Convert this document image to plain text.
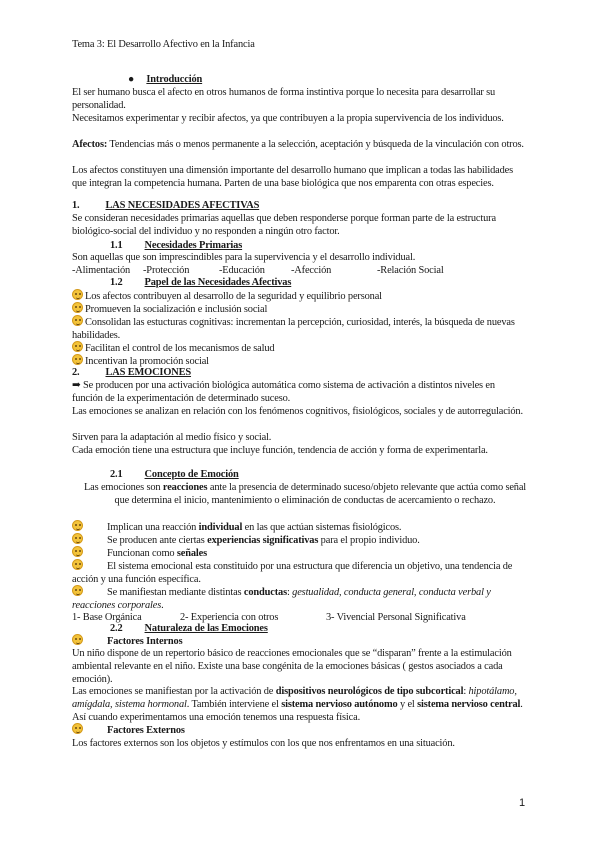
Tema 3: El Desarrollo Afectivo en la Infancia
● Introducción
El ser humano busca el afecto en otros humanos de forma instintiva porque lo necesita para desarrollar su personalidad.
Necesitamos experimentar y recibir afectos, ya que contribuyen a la propia supervivencia de los individuos.
Afectos: Tendencias más o menos permanente a la selección, aceptación y búsqueda de la vinculación con otros.
Los afectos constituyen una dimensión importante del desarrollo humano que implican a todas las habilidades que integran la competencia humana. Parten de una base biológica que nos emparenta con otras especies.
1.	LAS NECESIDADES AFECTIVAS
Se consideran necesidades primarias aquellas que deben responderse porque forman parte de la estructura biológico-social del individuo y no responden a ningún otro factor.
1.1 Necesidades Primarias
Son aquellas que son imprescindibles para la supervivencia y el desarrollo individual.
-Alimentación -Protección	-Educación	-Afección	-Relación Social
1.2 Papel de las Necesidades Afectivas
Los afectos contribuyen al desarrollo de la seguridad y equilibrio personal
Promueven la socialización e inclusión social
Consolidan las estucturas cognitivas: incrementan la percepción, curiosidad, interés, la búsqueda de nuevas habilidades.
Facilitan el control de los mecanismos de salud
Incentivan la promoción social
2.	LAS EMOCIONES
➡ Se producen por una activación biológica automática como sistema de activación a distintos niveles en función de la experimentación de determinado suceso.
Las emociones se analizan en relación con los fenómenos cognitivos, fisiológicos, sociales y de autorregulación.
Sirven para la adaptación al medio físico y social.
Cada emoción tiene una estructura que incluye función, tendencia de acción y forma de experimentarla.
2.1 Concepto de Emoción
Las emociones son reacciones ante la presencia de determinado suceso/objeto relevante que actúa como señal que determina el inicio, mantenimiento o eliminación de conductas de acercamiento o rechazo.
Implican una reacción individual en las que actúan sistemas fisiológicos.
Se producen ante ciertas experiencias significativas para el propio individuo.
Funcionan como señales
El sistema emocional esta constituido por una estructura que diferencia un objetivo, una tendencia de acción y una función específica.
Se manifiestan mediante distintas conductas: gestualidad, conducta general, conducta verbal y reacciones corporales.
1- Base Orgánica	2- Experiencia con otros	3- Vivencial Personal Significativa
2.2 Naturaleza de las Emociones
Factores Internos
Un niño dispone de un repertorio básico de reacciones emocionales que se “disparan” frente a la estimulación ambiental relevante en el niño. Existe una base congénita de la emociones básicas ( gestos asociados a cada emoción).
Las emociones se manifiestan por la activación de dispositivos neurológicos de tipo subcortical: hipotálamo, amígdala, sistema hormonal. También interviene el sistema nervioso autónomo y el sistema nervioso central. Así cuando experimentamos una emoción tenemos una respuesta física.
Factores Externos
Los factores externos son los objetos y estímulos con los que nos enfrentamos en una situación.
1
